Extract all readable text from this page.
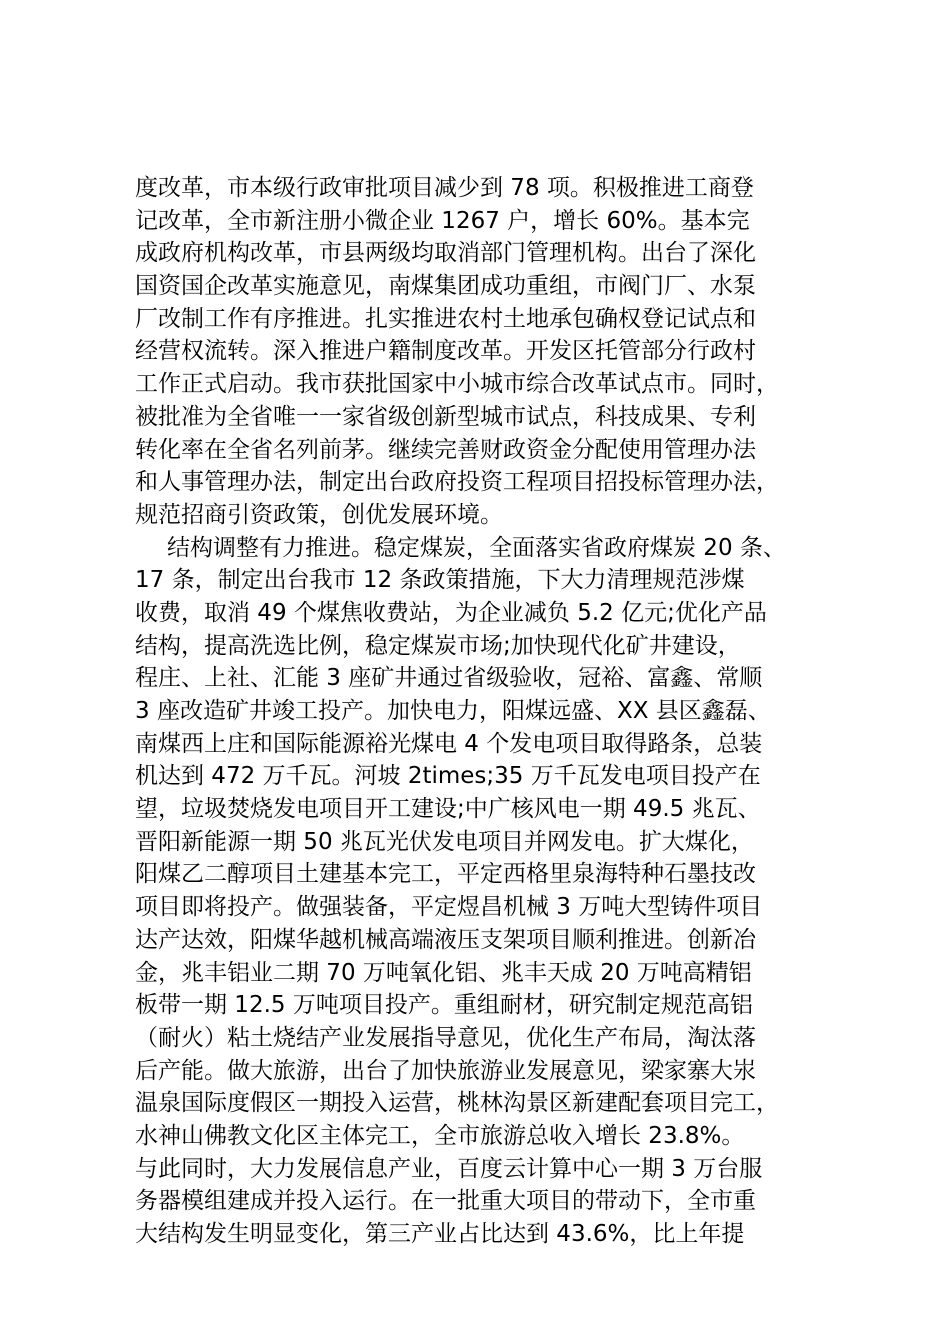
度改革，市本级行政审批项目减少到 78 项。积极推进工商登
记改革，全市新注册小微企业 1267 户，增长 60%。基本完
成政府机构改革，市县两级均取消部门管理机构。出台了深化
国资国企改革实施意见，南煤集团成功重组，市阀门厂、水泵
厂改制工作有序推进。扎实推进农村土地承包确权登记试点和
经营权流转。深入推进户籍制度改革。开发区托管部分行政村
工作正式启动。我市获批国家中小城市综合改革试点市。同时，
被批准为全省唯一一家省级创新型城市试点，科技成果、专利
转化率在全省名列前茅。继续完善财政资金分配使用管理办法
和人事管理办法，制定出台政府投资工程项目招投标管理办法，
规范招商引资政策，创优发展环境。
结构调整有力推进。稳定煤炭，全面落实省政府煤炭 20 条、
17 条，制定出台我市 12 条政策措施，下大力清理规范涉煤
收费，取消 49 个煤焦收费站，为企业减负 5.2 亿元;优化产品
结构，提高洗选比例，稳定煤炭市场;加快现代化矿井建设，
程庄、上社、汇能 3 座矿井通过省级验收，冠裕、富鑫、常顺
3 座改造矿井竣工投产。加快电力，阳煤远盛、XX 县区鑫磊、
南煤西上庄和国际能源裕光煤电 4 个发电项目取得路条，总装
机达到 472 万千瓦。河坡 2times;35 万千瓦发电项目投产在
望，垃圾焚烧发电项目开工建设;中广核风电一期 49.5 兆瓦、
晋阳新能源一期 50 兆瓦光伏发电项目并网发电。扩大煤化，
阳煤乙二醇项目土建基本完工，平定西格里泉海特种石墨技改
项目即将投产。做强装备，平定煜昌机械 3 万吨大型铸件项目
达产达效，阳煤华越机械高端液压支架项目顺利推进。创新冶
金，兆丰铝业二期 70 万吨氧化铝、兆丰天成 20 万吨高精铝
板带一期 12.5 万吨项目投产。重组耐材，研究制定规范高铝
（耐火）粘土烧结产业发展指导意见，优化生产布局，淘汰落
后产能。做大旅游，出台了加快旅游业发展意见，梁家寨大汖
温泉国际度假区一期投入运营，桃林沟景区新建配套项目完工，
水神山佛教文化区主体完工，全市旅游总收入增长 23.8%。
与此同时，大力发展信息产业，百度云计算中心一期 3 万台服
务器模组建成并投入运行。在一批重大项目的带动下，全市重
大结构发生明显变化，第三产业占比达到 43.6%，比上年提
